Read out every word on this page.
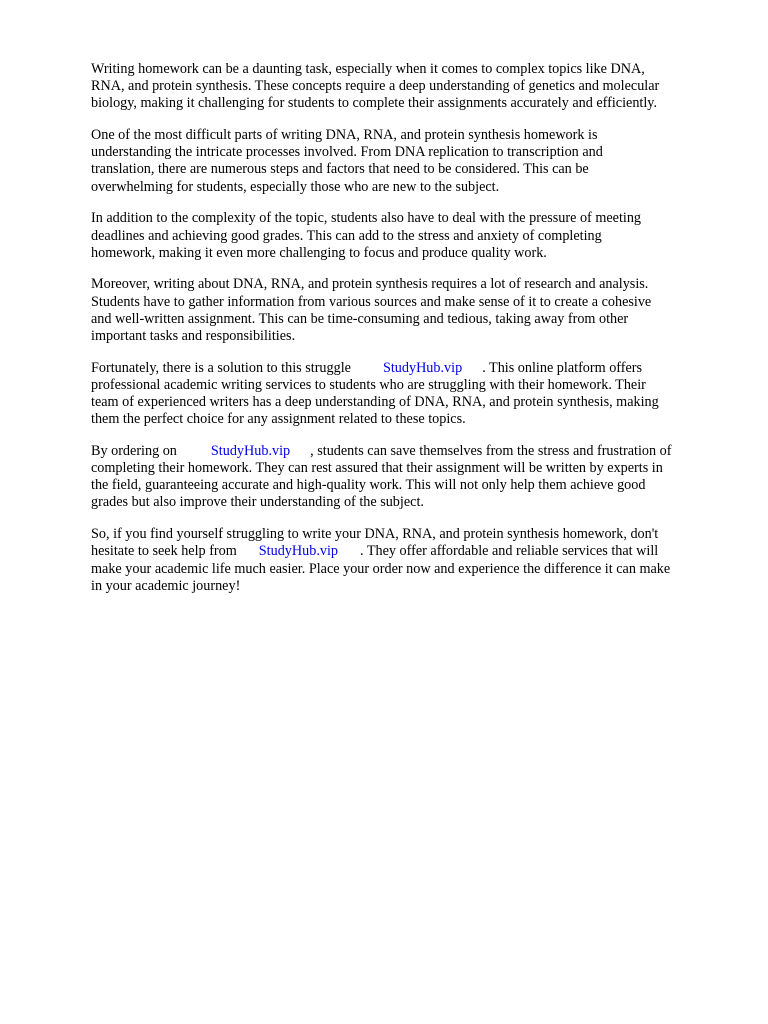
Writing homework can be a daunting task, especially when it comes to complex topics like DNA,
RNA, and protein synthesis. These concepts require a deep understanding of genetics and molecular
biology, making it challenging for students to complete their assignments accurately and efficiently.

One of the most difficult parts of writing DNA, RNA, and protein synthesis homework is
understanding the intricate processes involved. From DNA replication to transcription and
translation, there are numerous steps and factors that need to be considered. This can be
overwhelming for students, especially those who are new to the subject.

In addition to the complexity of the topic, students also have to deal with the pressure of meeting
deadlines and achieving good grades. This can add to the stress and anxiety of completing
homework, making it even more challenging to focus and produce quality work.

Moreover, writing about DNA, RNA, and protein synthesis requires a lot of research and analysis.
Students have to gather information from various sources and make sense of it to create a cohesive
and well-written assignment. This can be time-consuming and tedious, taking away from other
important tasks and responsibilities.

Fortunately, there is a solution to this struggle StudyHub.vip . This online platform offers
professional academic writing services to students who are struggling with their homework. Their
team of experienced writers has a deep understanding of DNA, RNA, and protein synthesis, making
them the perfect choice for any assignment related to these topics.

By ordering on StudyHub.vip , students can save themselves from the stress and frustration of
completing their homework. They can rest assured that their assignment will be written by experts in
the field, guaranteeing accurate and high-quality work. This will not only help them achieve good
grades but also improve their understanding of the subject.

So, if you find yourself struggling to write your DNA, RNA, and protein synthesis homework, don't
hesitate to seek help from StudyHub.vip . They offer affordable and reliable services that will
make your academic life much easier. Place your order now and experience the difference it can make
in your academic journey!
